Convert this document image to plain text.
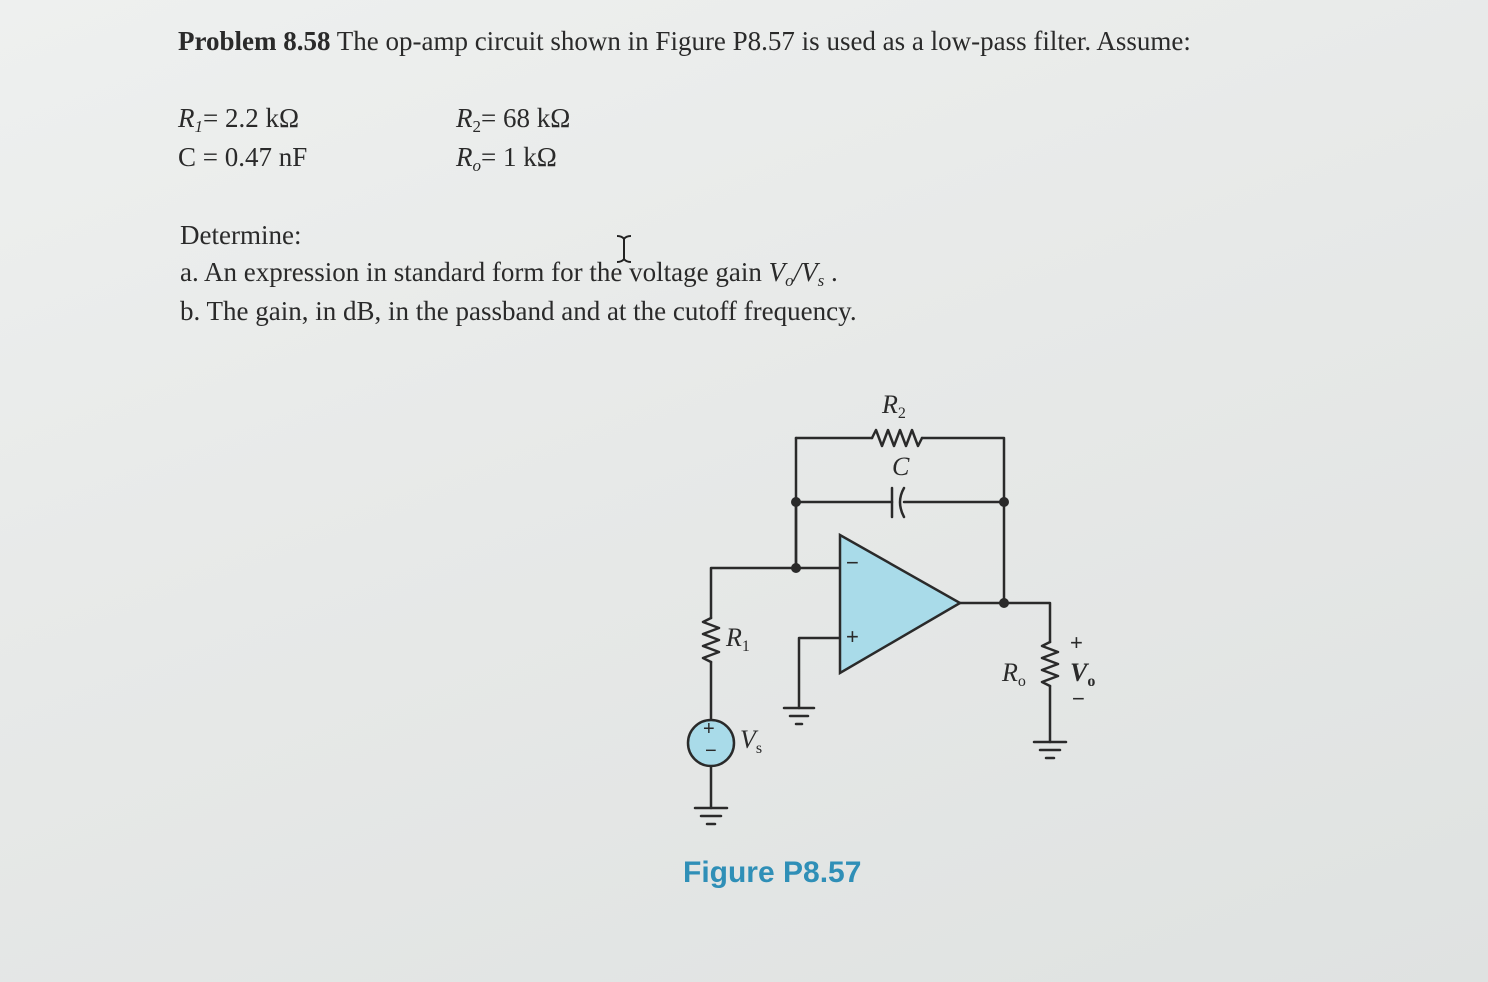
Problem 8.58 The op-amp circuit shown in Figure P8.57 is used as a low-pass filter. Assume:
$R_1= 2.2$ kΩ
C = 0.47 nF
$R_2= 68$ kΩ
$R_o= 1$ kΩ
Determine:
a. An expression in standard form for the voltage gain $V_o/V_s$ .
b. The gain, in dB, in the passband and at the cutoff frequency.
R2
C
R1
Vs
Ro Vo
+
−
−
+
+
−
Figure P8.57
